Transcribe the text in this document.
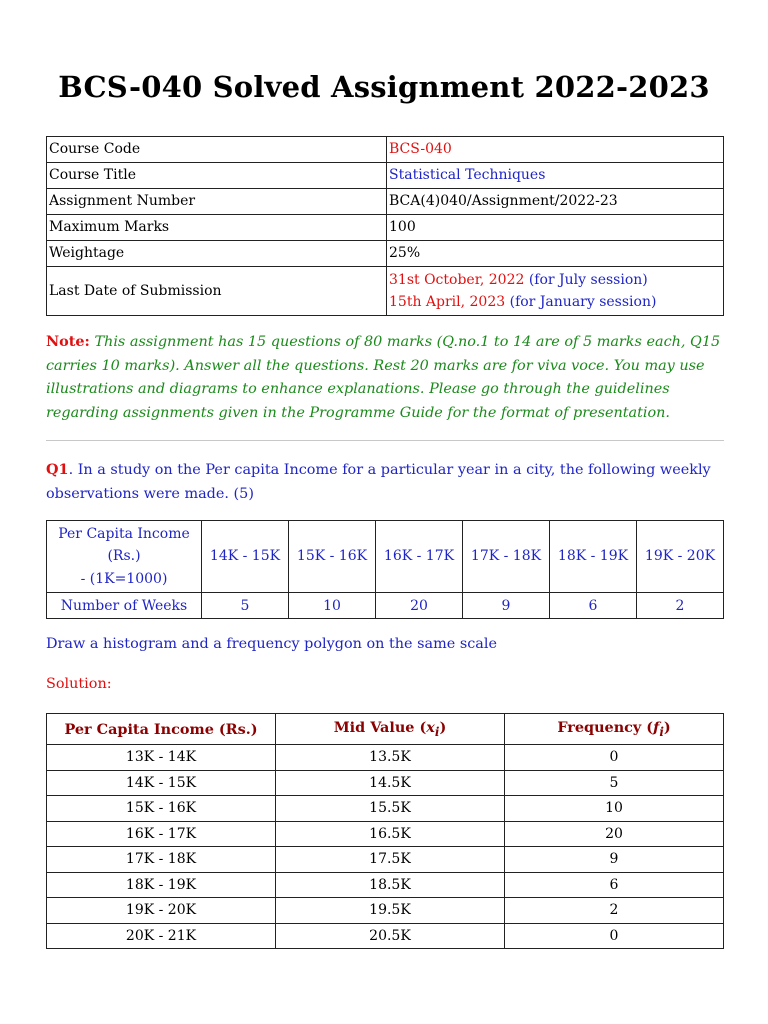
BCS-040 Solved Assignment 2022-2023
Course Code	BCS-040
Course Title	Statistical Techniques
Assignment Number	BCA(4)040/Assignment/2022-23
Maximum Marks	100
Weightage	25%
Last Date of Submission	31st October, 2022 (for July session)
15th April, 2023 (for January session)

Note: This assignment has 15 questions of 80 marks (Q.no.1 to 14 are of 5 marks each, Q15 carries 10 marks). Answer all the questions. Rest 20 marks are for viva voce. You may use illustrations and diagrams to enhance explanations. Please go through the guidelines regarding assignments given in the Programme Guide for the format of presentation.

Q1. In a study on the Per capita Income for a particular year in a city, the following weekly observations were made. (5)

Per Capita Income
(Rs.)
- (1K=1000)	14K - 15K	15K - 16K	16K - 17K	17K - 18K	18K - 19K	19K - 20K
Number of Weeks	5	10	20	9	6	2

Draw a histogram and a frequency polygon on the same scale

Solution:

Per Capita Income (Rs.)	Mid Value $(x_i)$	Frequency $(f_i)$
13K - 14K	13.5K	0
14K - 15K	14.5K	5
15K - 16K	15.5K	10
16K - 17K	16.5K	20
17K - 18K	17.5K	9
18K - 19K	18.5K	6
19K - 20K	19.5K	2
20K - 21K	20.5K	0
